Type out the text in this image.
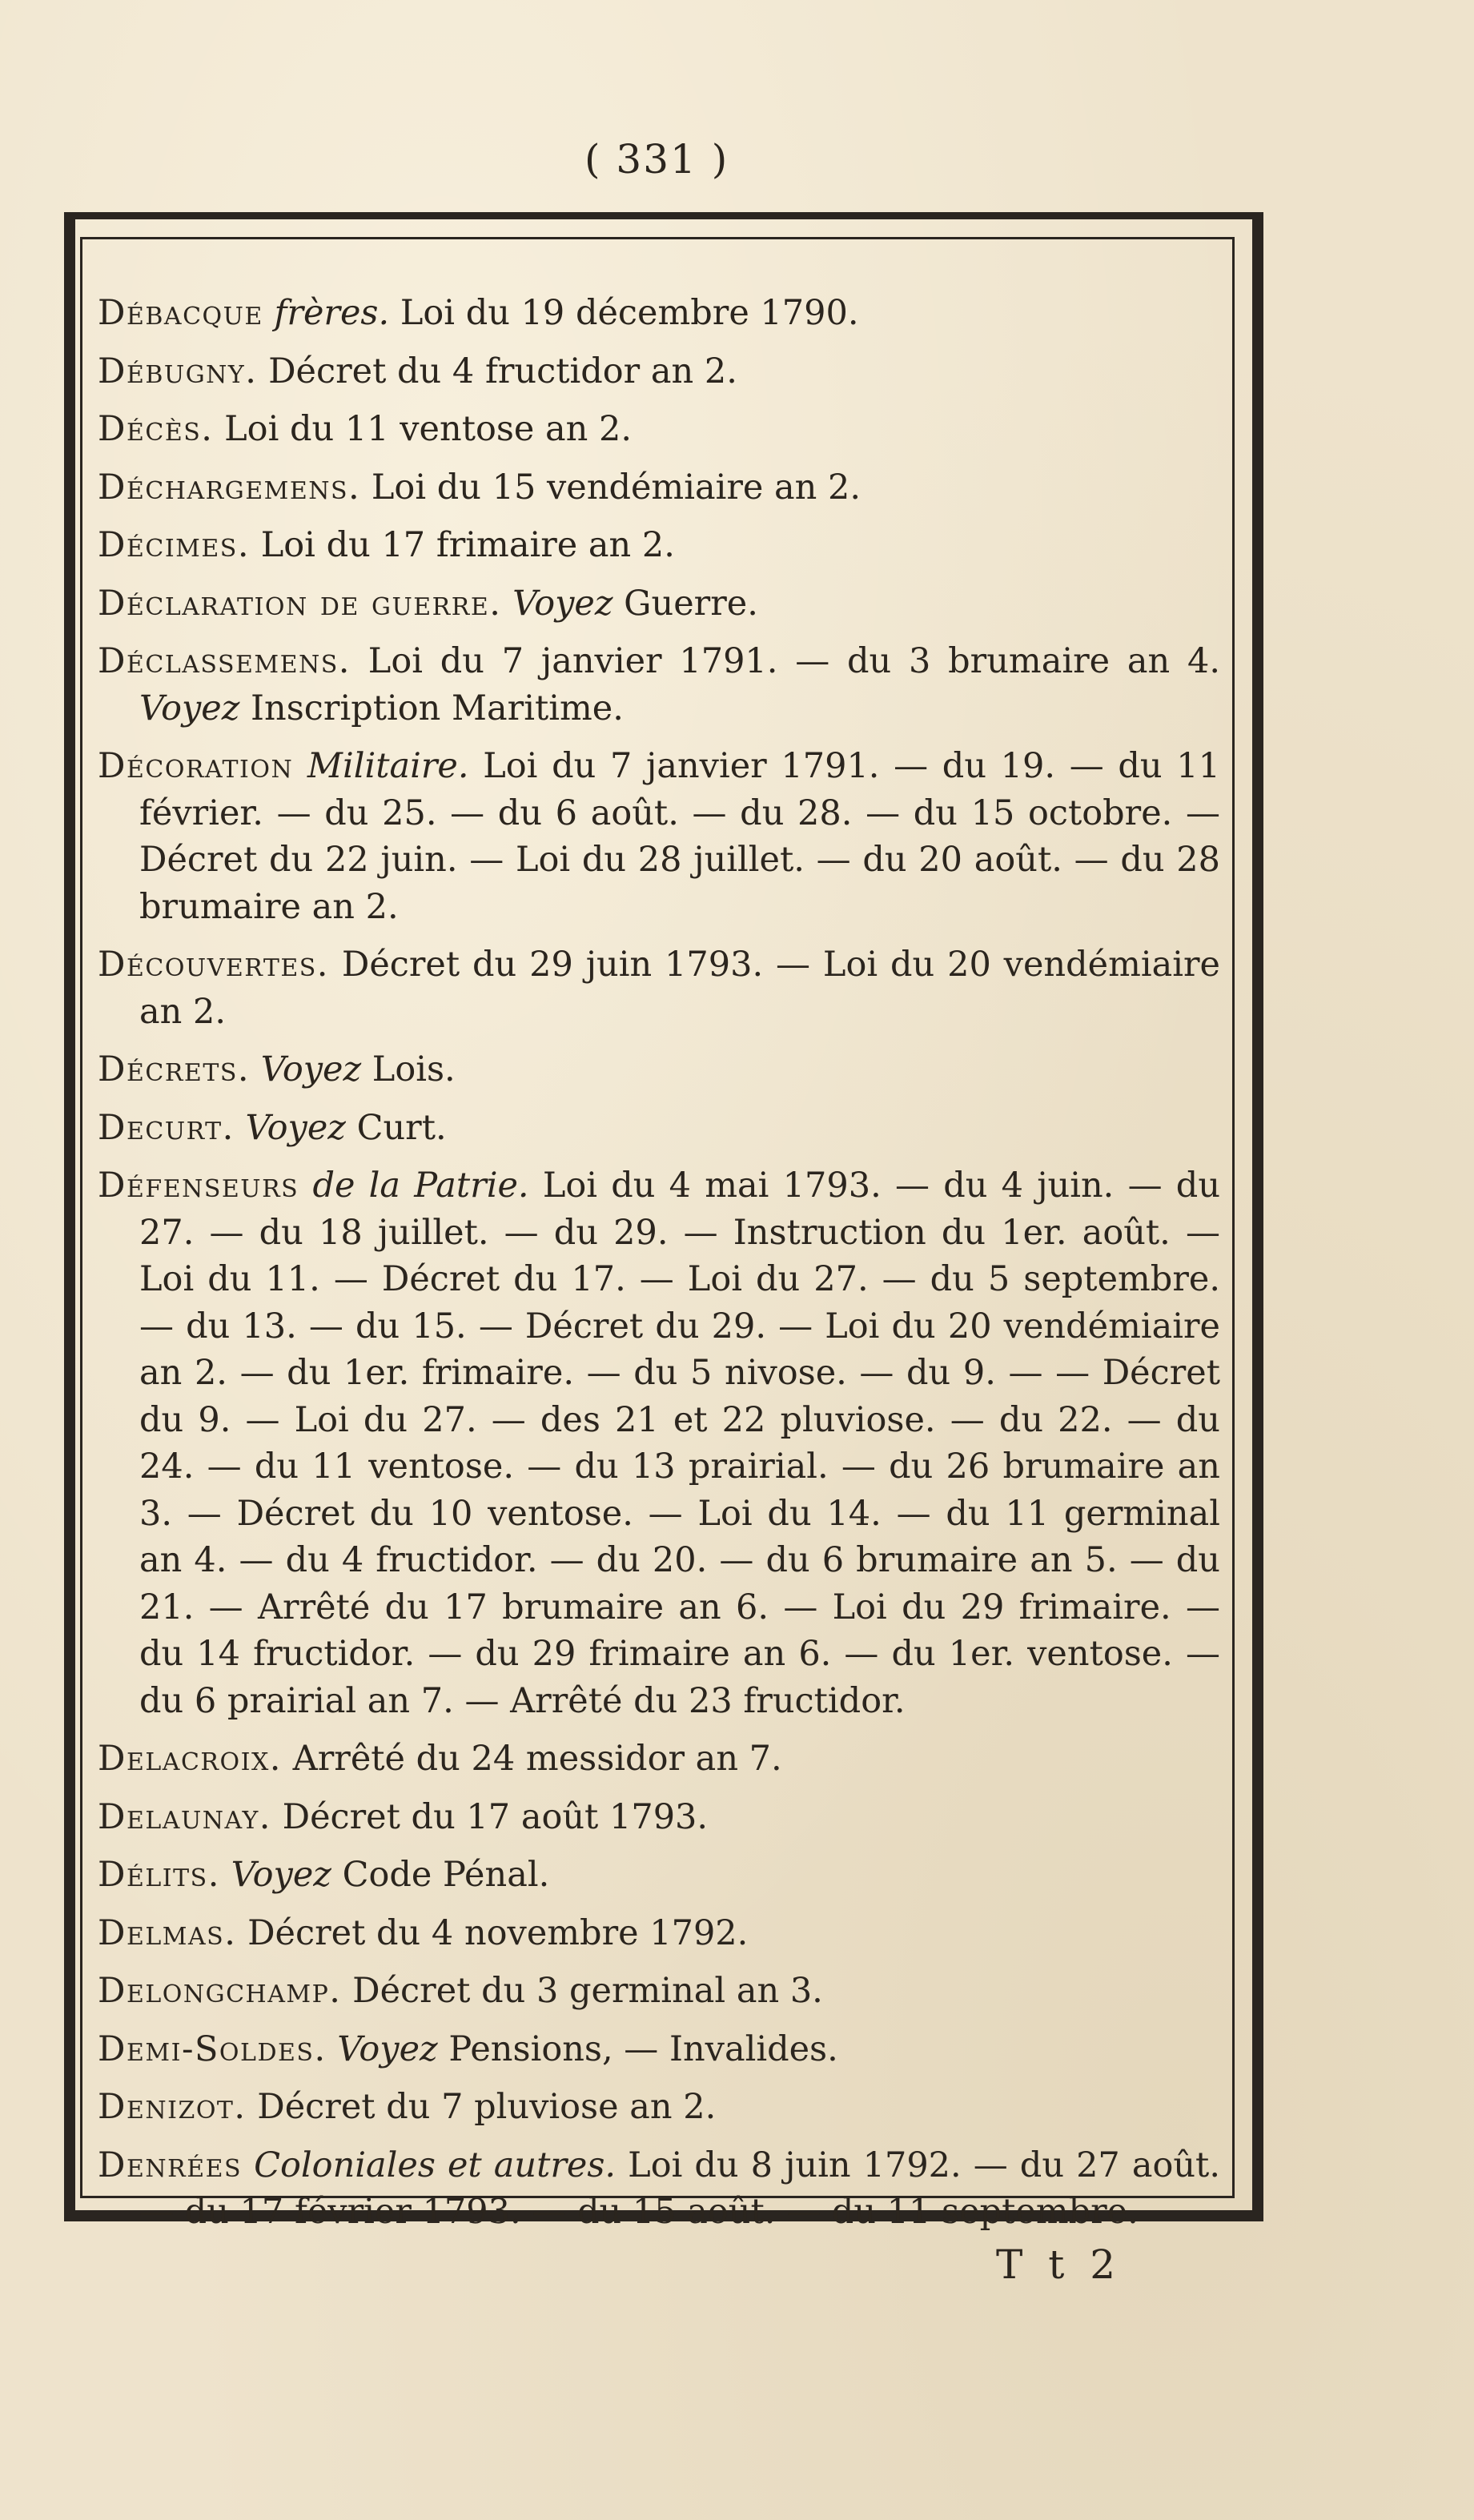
( 331 )

Débacque frères. Loi du 19 décembre 1790.

Débugny. Décret du 4 fructidor an 2.

Décès. Loi du 11 ventose an 2.

Déchargemens. Loi du 15 vendémiaire an 2.

Décimes. Loi du 17 frimaire an 2.

Déclaration de guerre. Voyez Guerre.

Déclassemens. Loi du 7 janvier 1791. — du 3 brumaire an 4. Voyez Inscription Maritime.

Décoration Militaire. Loi du 7 janvier 1791. — du 19. — du 11 février. — du 25. — du 6 août. — du 28. — du 15 octobre. — Décret du 22 juin. — Loi du 28 juillet. — du 20 août. — du 28 brumaire an 2.

Découvertes. Décret du 29 juin 1793. — Loi du 20 vendémiaire an 2.

Décrets. Voyez Lois.

Decurt. Voyez Curt.

Défenseurs de la Patrie. Loi du 4 mai 1793. — du 4 juin. — du 27. — du 18 juillet. — du 29. — Instruction du 1er. août. — Loi du 11. — Décret du 17. — Loi du 27. — du 5 septembre. — du 13. — du 15. — Décret du 29. — Loi du 20 vendémiaire an 2. — du 1er. frimaire. — du 5 nivose. — du 9. — — Décret du 9. — Loi du 27. — des 21 et 22 pluviose. — du 22. — du 24. — du 11 ventose. — du 13 prairial. — du 26 brumaire an 3. — Décret du 10 ventose. — Loi du 14. — du 11 germinal an 4. — du 4 fructidor. — du 20. — du 6 brumaire an 5. — du 21. — Arrêté du 17 brumaire an 6. — Loi du 29 frimaire. — du 14 fructidor. — du 29 frimaire an 6. — du 1er. ventose. — du 6 prairial an 7. — Arrêté du 23 fructidor.

Delacroix. Arrêté du 24 messidor an 7.

Delaunay. Décret du 17 août 1793.

Délits. Voyez Code Pénal.

Delmas. Décret du 4 novembre 1792.

Delongchamp. Décret du 3 germinal an 3.

Demi-Soldes. Voyez Pensions, — Invalides.

Denizot. Décret du 7 pluviose an 2.

Denrées Coloniales et autres. Loi du 8 juin 1792. — du 27 août. — du 17 février 1793. — du 15 août. — du 11 septembre.

T t 2
